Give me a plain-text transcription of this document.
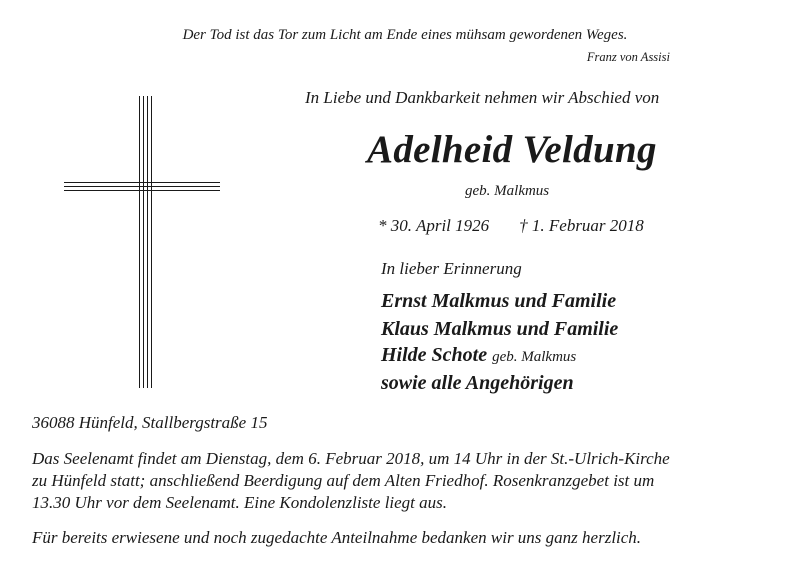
Der Tod ist das Tor zum Licht am Ende eines mühsam gewordenen Weges.
Franz von Assisi
In Liebe und Dankbarkeit nehmen wir Abschied von
Adelheid Veldung
geb. Malkmus
* 30. April 1926 † 1. Februar 2018
In lieber Erinnerung
Ernst Malkmus und Familie
Klaus Malkmus und Familie
Hilde Schote geb. Malkmus
sowie alle Angehörigen
36088 Hünfeld, Stallbergstraße 15
Das Seelenamt findet am Dienstag, dem 6. Februar 2018, um 14 Uhr in der St.-Ulrich-Kirche
zu Hünfeld statt; anschließend Beerdigung auf dem Alten Friedhof. Rosenkranzgebet ist um
13.30 Uhr vor dem Seelenamt. Eine Kondolenzliste liegt aus.
Für bereits erwiesene und noch zugedachte Anteilnahme bedanken wir uns ganz herzlich.
